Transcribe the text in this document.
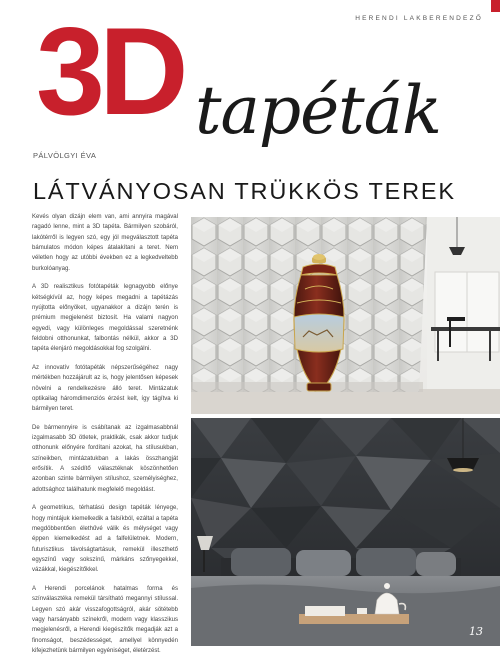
HERENDI LAKBERENDEZŐ
3D tapéták
PÁLVÖLGYI ÉVA
LÁTVÁNYOSAN TRÜKKÖS TEREK

Kevés olyan dizájn elem van, ami annyira magával ragadó lenne, mint a 3D tapéta. Bármilyen szobáról, lakótérről is legyen szó, egy jól megválasztott tapéta bámulatos módon képes átalakítani a teret. Nem véletlen hogy az utóbbi években ez a legkedveltebb burkolóanyag.

A 3D realisztikus fotótapéták legnagyobb előnye kétségkívül az, hogy képes megadni a tapétázás nyújtotta előnyöket, ugyanakkor a dizájn terén is prémium megjelenést biztosít. Ha valami nagyon egyedi, vagy különleges megoldással szeretnénk feldobni otthonunkat, falbontás nélkül, akkor a 3D tapéta élenjáró megoldásokkal fog szolgálni.

Az innovatív fotótapéták népszerűségéhez nagy mértékben hozzájárult az is, hogy jelentősen képesek növelni a rendelkezésre álló teret. Mintázatuk optikailag háromdimenziós érzést kelt, így tágítva ki bármilyen teret.

De bármennyire is csábítanak az izgalmasabbnál izgalmasabb 3D ötletek, praktikák, csak akkor tudjuk otthonunk előnyére fordítani azokat, ha stílusukban, színeikben, mintázatukban a lakás összhangját erősítik. A szédítő választéknak köszönhetően azonban szinte bármilyen stílushoz, személyiséghez, adottsághoz találhatunk megfelelő megoldást.

A geometrikus, térhatású design tapéták lényege, hogy mintájuk kiemelkedik a falsíkból, ezáltal a tapéta megdöbbentően élethűvé válik és mélységet vagy éppen kiemelkedést ad a falfelületnek. Modern, futurisztikus távolságtartásuk, remekül illeszthető egyszínű vagy sokszínű, márkáns szőnyegekkel, vázákkal, kiegészítőkkel.

A Herendi porcelánok hatalmas forma és színválasztéka remekül társítható megannyi stílussal. Legyen szó akár visszafogottságról, akár sötétebb vagy harsányabb színekről, modern vagy klasszikus megjelenésről, a Herendi kiegészítők megadják azt a finomságot, beszédességet, amellyel könnyedén kifejezhetünk bármilyen egyéniséget, életérzést.

13
